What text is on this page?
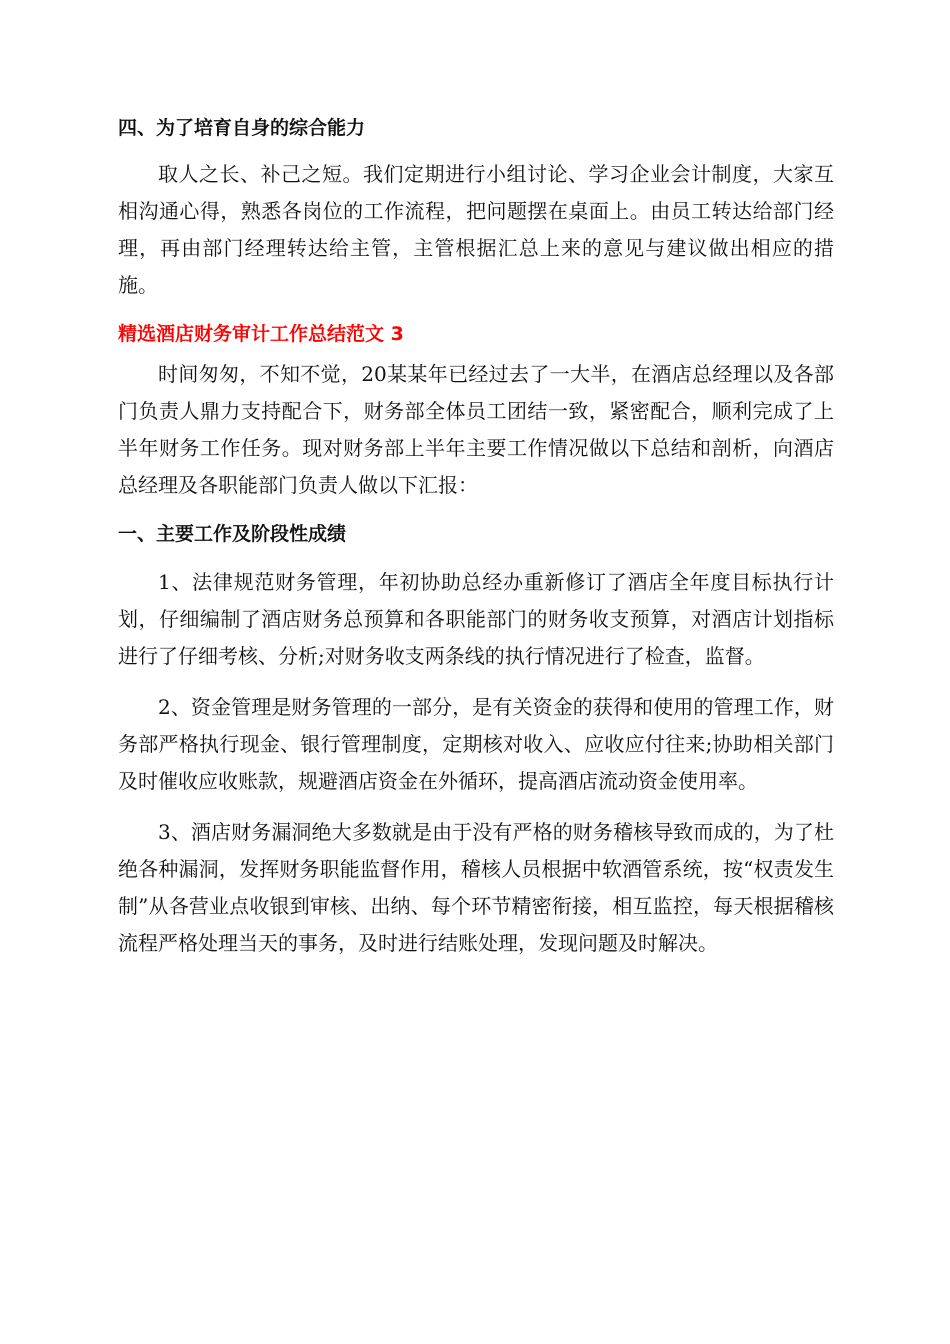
四、为了培育自身的综合能力

取人之长、补己之短。我们定期进行小组讨论、学习企业会计制度，大家互相沟通心得，熟悉各岗位的工作流程，把问题摆在桌面上。由员工转达给部门经理，再由部门经理转达给主管，主管根据汇总上来的意见与建议做出相应的措施。

精选酒店财务审计工作总结范文 3

时间匆匆，不知不觉，20某某年已经过去了一大半，在酒店总经理以及各部门负责人鼎力支持配合下，财务部全体员工团结一致，紧密配合，顺利完成了上半年财务工作任务。现对财务部上半年主要工作情况做以下总结和剖析，向酒店总经理及各职能部门负责人做以下汇报：

一、主要工作及阶段性成绩

1、法律规范财务管理，年初协助总经办重新修订了酒店全年度目标执行计划，仔细编制了酒店财务总预算和各职能部门的财务收支预算，对酒店计划指标进行了仔细考核、分析;对财务收支两条线的执行情况进行了检查，监督。

2、资金管理是财务管理的一部分，是有关资金的获得和使用的管理工作，财务部严格执行现金、银行管理制度，定期核对收入、应收应付往来;协助相关部门及时催收应收账款，规避酒店资金在外循环，提高酒店流动资金使用率。

3、酒店财务漏洞绝大多数就是由于没有严格的财务稽核导致而成的，为了杜绝各种漏洞，发挥财务职能监督作用，稽核人员根据中软酒管系统，按“权责发生制”从各营业点收银到审核、出纳、每个环节精密衔接，相互监控，每天根据稽核流程严格处理当天的事务，及时进行结账处理，发现问题及时解决。
